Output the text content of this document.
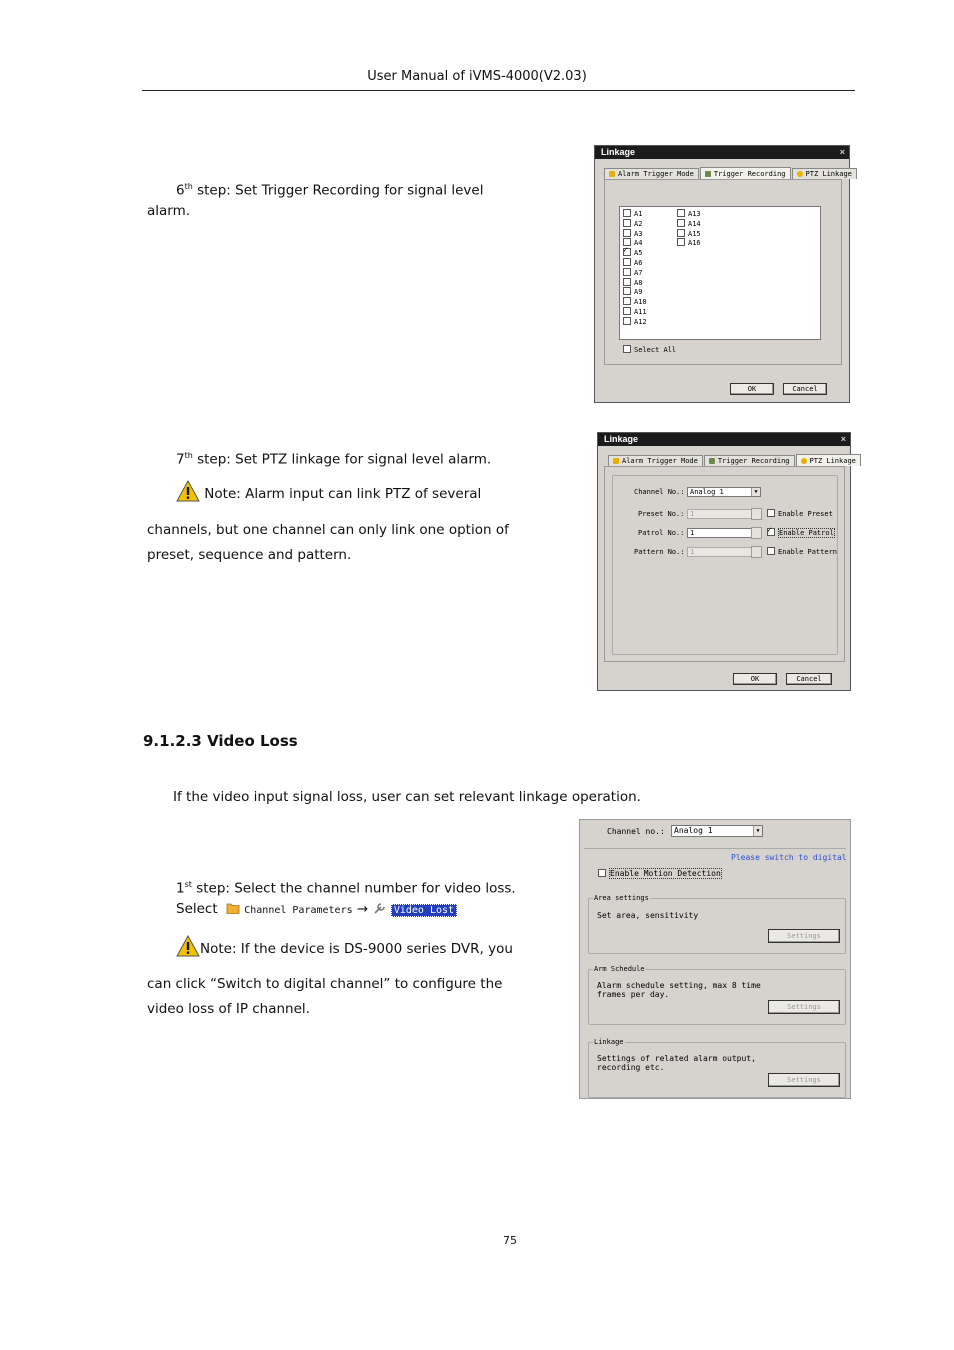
User Manual of iVMS-4000(V2.03)
6th step: Set Trigger Recording for signal level
alarm.
Linkage	×
Alarm Trigger Mode	Trigger Recording	PTZ Linkage
A1
A2
A3
A4
✓A5
A6
A7
A8
A9
A10
A11
A12
A13
A14
A15
A16
Select All
OK	Cancel
7th step: Set PTZ linkage for signal level alarm.
Note: Alarm input can link PTZ of several
channels, but one channel can only link one option of
preset, sequence and pattern.
Linkage	×
Alarm Trigger Mode	Trigger Recording	PTZ Linkage
Channel No.: Analog 1	▼
Preset No.: 1	Enable Preset
Patrol No.: 1
✓	Enable Patrol
Pattern No.: 1	Enable Pattern
OK	Cancel
9.1.2.3 Video Loss
If the video input signal loss, user can set relevant linkage operation.
1st step: Select the channel number for video loss.
Select	Channel Parameters →	Video Lost
Note: If the device is DS-9000 series DVR, you
can click “Switch to digital channel” to configure the
video loss of IP channel.
Channel no.:	Analog 1	▼
Please switch to digital
Enable Motion Detection
Area settings
Set area, sensitivity
Settings
Arm Schedule
Alarm schedule setting, max 8 time
frames per day.
Settings
Linkage
Settings of related alarm output,
recording etc.
Settings
75
